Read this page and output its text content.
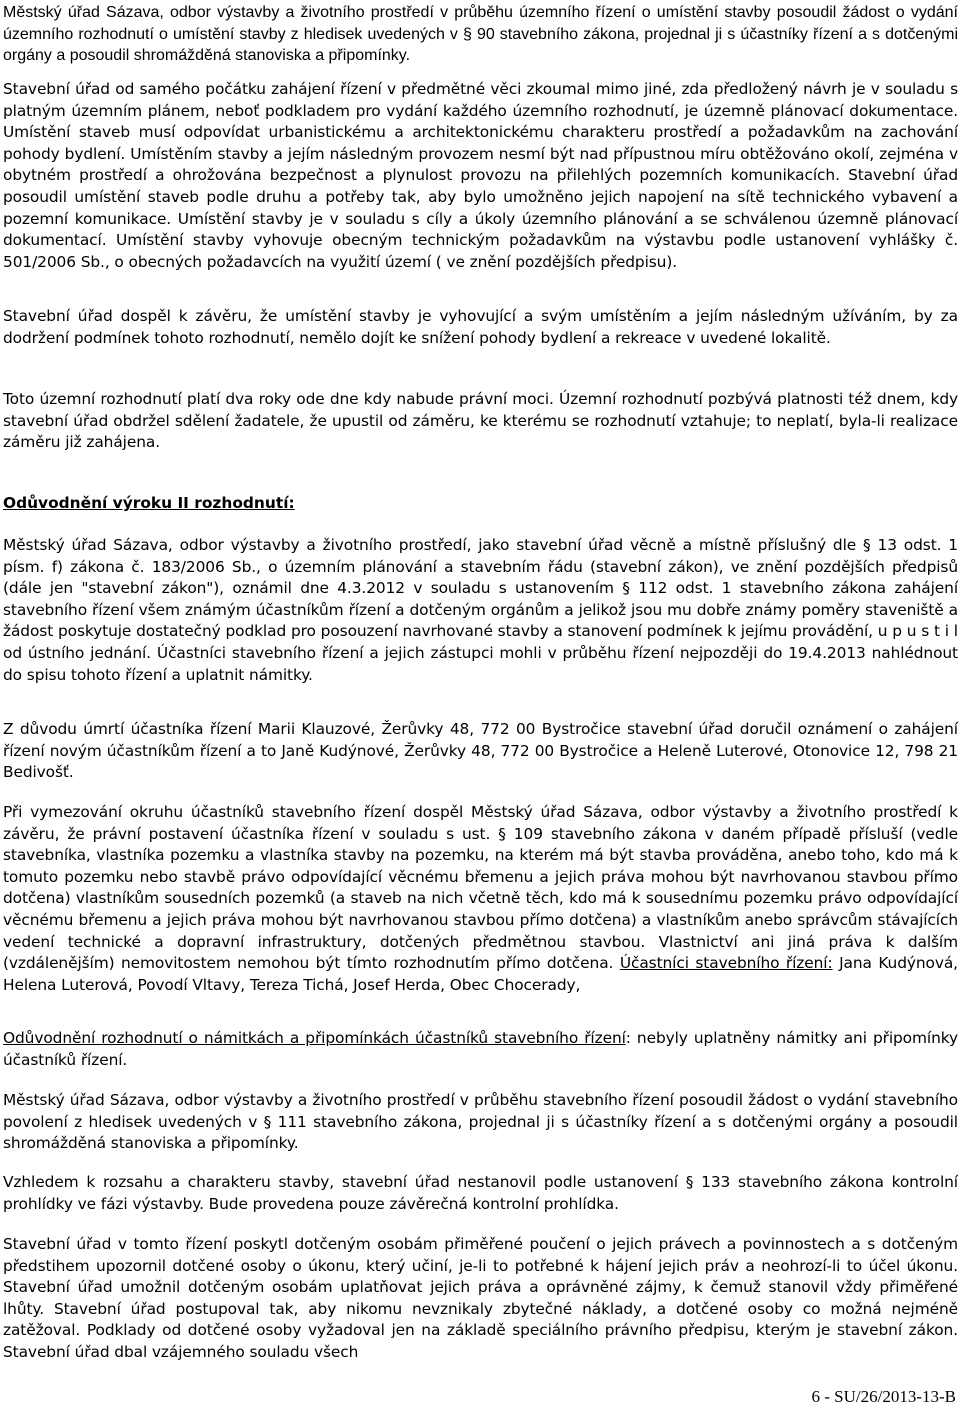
Městský úřad Sázava, odbor výstavby a životního prostředí v průběhu územního řízení o umístění stavby posoudil žádost o vydání územního rozhodnutí o umístění stavby z hledisek uvedených v § 90 stavebního zákona, projednal ji s účastníky řízení a s dotčenými orgány a posoudil shromážděná stanoviska a připomínky.

Stavební úřad od samého počátku zahájení řízení v předmětné věci zkoumal mimo jiné, zda předložený návrh je v souladu s platným územním plánem, neboť podkladem pro vydání každého územního rozhodnutí, je územně plánovací dokumentace. Umístění staveb musí odpovídat urbanistickému a architektonickému charakteru prostředí a požadavkům na zachování pohody bydlení. Umístěním stavby a jejím následným provozem nesmí být nad přípustnou míru obtěžováno okolí, zejména v obytném prostředí a ohrožována bezpečnost a plynulost provozu na přilehlých pozemních komunikacích. Stavební úřad posoudil umístění staveb podle druhu a potřeby tak, aby bylo umožněno jejich napojení na sítě technického vybavení a pozemní komunikace. Umístění stavby je v souladu s cíly a úkoly územního plánování a se schválenou územně plánovací dokumentací. Umístění stavby vyhovuje obecným technickým požadavkům na výstavbu podle ustanovení vyhlášky č. 501/2006 Sb., o obecných požadavcích na využití území ( ve znění pozdějších předpisu).

Stavební úřad dospěl k závěru, že umístění stavby je vyhovující a svým umístěním a jejím následným užíváním, by za dodržení podmínek tohoto rozhodnutí, nemělo dojít ke snížení pohody bydlení a rekreace v uvedené lokalitě.

Toto územní rozhodnutí platí dva roky ode dne kdy nabude právní moci. Územní rozhodnutí pozbývá platnosti též dnem, kdy stavební úřad obdržel sdělení žadatele, že upustil od záměru, ke kterému se rozhodnutí vztahuje; to neplatí, byla-li realizace záměru již zahájena.

Odůvodnění výroku II rozhodnutí:

Městský úřad Sázava, odbor výstavby a životního prostředí, jako stavební úřad věcně a místně příslušný dle § 13 odst. 1 písm. f) zákona č. 183/2006 Sb., o územním plánování a stavebním řádu (stavební zákon), ve znění pozdějších předpisů (dále jen "stavební zákon"), oznámil dne 4.3.2012 v souladu s ustanovením § 112 odst. 1 stavebního zákona zahájení stavebního řízení všem známým účastníkům řízení a dotčeným orgánům a jelikož jsou mu dobře známy poměry staveniště a žádost poskytuje dostatečný podklad pro posouzení navrhované stavby a stanovení podmínek k jejímu provádění, u p u s t i l od ústního jednání. Účastníci stavebního řízení a jejich zástupci mohli v průběhu řízení nejpozději do 19.4.2013 nahlédnout do spisu tohoto řízení a uplatnit námitky.

Z důvodu úmrtí účastníka řízení Marii Klauzové, Žerůvky 48, 772 00 Bystročice stavební úřad doručil oznámení o zahájení řízení novým účastníkům řízení a to Janě Kudýnové, Žerůvky 48, 772 00 Bystročice a Heleně Luterové, Otonovice 12, 798 21 Bedivošť.

Při vymezování okruhu účastníků stavebního řízení dospěl Městský úřad Sázava, odbor výstavby a životního prostředí k závěru, že právní postavení účastníka řízení v souladu s ust. § 109 stavebního zákona v daném případě přísluší (vedle stavebníka, vlastníka pozemku a vlastníka stavby na pozemku, na kterém má být stavba prováděna, anebo toho, kdo má k tomuto pozemku nebo stavbě právo odpovídající věcnému břemenu a jejich práva mohou být navrhovanou stavbou přímo dotčena) vlastníkům sousedních pozemků (a staveb na nich včetně těch, kdo má k sousednímu pozemku právo odpovídající věcnému břemenu a jejich práva mohou být navrhovanou stavbou přímo dotčena) a vlastníkům anebo správcům stávajících vedení technické a dopravní infrastruktury, dotčených předmětnou stavbou. Vlastnictví ani jiná práva k dalším (vzdálenějším) nemovitostem nemohou být tímto rozhodnutím přímo dotčena. Účastníci stavebního řízení: Jana Kudýnová, Helena Luterová, Povodí Vltavy, Tereza Tichá, Josef Herda, Obec Chocerady,

Odůvodnění rozhodnutí o námitkách a připomínkách účastníků stavebního řízení: nebyly uplatněny námitky ani připomínky účastníků řízení.

Městský úřad Sázava, odbor výstavby a životního prostředí v průběhu stavebního řízení posoudil žádost o vydání stavebního povolení z hledisek uvedených v § 111 stavebního zákona, projednal ji s účastníky řízení a s dotčenými orgány a posoudil shromážděná stanoviska a připomínky.

Vzhledem k rozsahu a charakteru stavby, stavební úřad nestanovil podle ustanovení § 133 stavebního zákona kontrolní prohlídky ve fázi výstavby. Bude provedena pouze závěrečná kontrolní prohlídka.

Stavební úřad v tomto řízení poskytl dotčeným osobám přiměřené poučení o jejich právech a povinnostech a s dotčeným předstihem upozornil dotčené osoby o úkonu, který učiní, je-li to potřebné k hájení jejich práv a neohrozí-li to účel úkonu. Stavební úřad umožnil dotčeným osobám uplatňovat jejich práva a oprávněné zájmy, k čemuž stanovil vždy přiměřené lhůty. Stavební úřad postupoval tak, aby nikomu nevznikaly zbytečné náklady, a dotčené osoby co možná nejméně zatěžoval. Podklady od dotčené osoby vyžadoval jen na základě speciálního právního předpisu, kterým je stavební zákon. Stavební úřad dbal vzájemného souladu všech

6 - SU/26/2013-13-B
